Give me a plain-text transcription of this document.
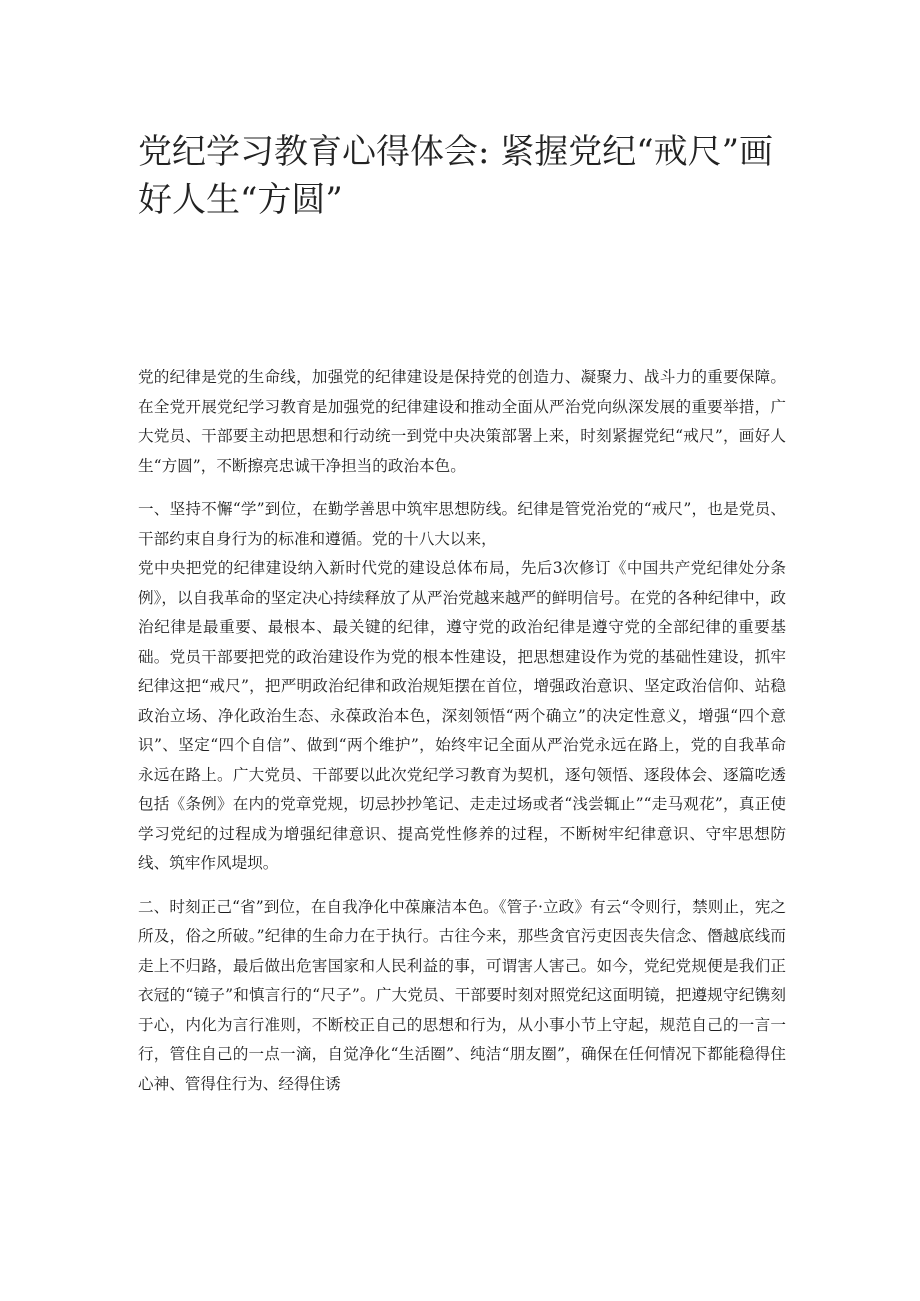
党纪学习教育心得体会: 紧握党纪“戒尺”画好人生“方圆”

党的纪律是党的生命线，加强党的纪律建设是保持党的创造力、凝聚力、战斗力的重要保障。在全党开展党纪学习教育是加强党的纪律建设和推动全面从严治党向纵深发展的重要举措，广大党员、干部要主动把思想和行动统一到党中央决策部署上来，时刻紧握党纪“戒尺”，画好人生“方圆”，不断擦亮忠诚干净担当的政治本色。

一、坚持不懈“学”到位，在勤学善思中筑牢思想防线。纪律是管党治党的“戒尺”，也是党员、干部约束自身行为的标准和遵循。党的十八大以来，

党中央把党的纪律建设纳入新时代党的建设总体布局，先后3次修订《中国共产党纪律处分条例》，以自我革命的坚定决心持续释放了从严治党越来越严的鲜明信号。在党的各种纪律中，政治纪律是最重要、最根本、最关键的纪律，遵守党的政治纪律是遵守党的全部纪律的重要基础。党员干部要把党的政治建设作为党的根本性建设，把思想建设作为党的基础性建设，抓牢纪律这把“戒尺”，把严明政治纪律和政治规矩摆在首位，增强政治意识、坚定政治信仰、站稳政治立场、净化政治生态、永葆政治本色，深刻领悟“两个确立”的决定性意义，增强“四个意识”、坚定“四个自信”、做到“两个维护”，始终牢记全面从严治党永远在路上，党的自我革命永远在路上。广大党员、干部要以此次党纪学习教育为契机，逐句领悟、逐段体会、逐篇吃透包括《条例》在内的党章党规，切忌抄抄笔记、走走过场或者“浅尝辄止”“走马观花”，真正使学习党纪的过程成为增强纪律意识、提高党性修养的过程，不断树牢纪律意识、守牢思想防线、筑牢作风堤坝。

二、时刻正己“省”到位，在自我净化中葆廉洁本色。《管子·立政》有云“令则行，禁则止，宪之所及，俗之所破。”纪律的生命力在于执行。古往今来，那些贪官污吏因丧失信念、僭越底线而走上不归路，最后做出危害国家和人民利益的事，可谓害人害己。如今，党纪党规便是我们正衣冠的“镜子”和慎言行的“尺子”。广大党员、干部要时刻对照党纪这面明镜，把遵规守纪镌刻于心，内化为言行准则，不断校正自己的思想和行为，从小事小节上守起，规范自己的一言一行，管住自己的一点一滴，自觉净化“生活圈”、纯洁“朋友圈”，确保在任何情况下都能稳得住心神、管得住行为、经得住诱
